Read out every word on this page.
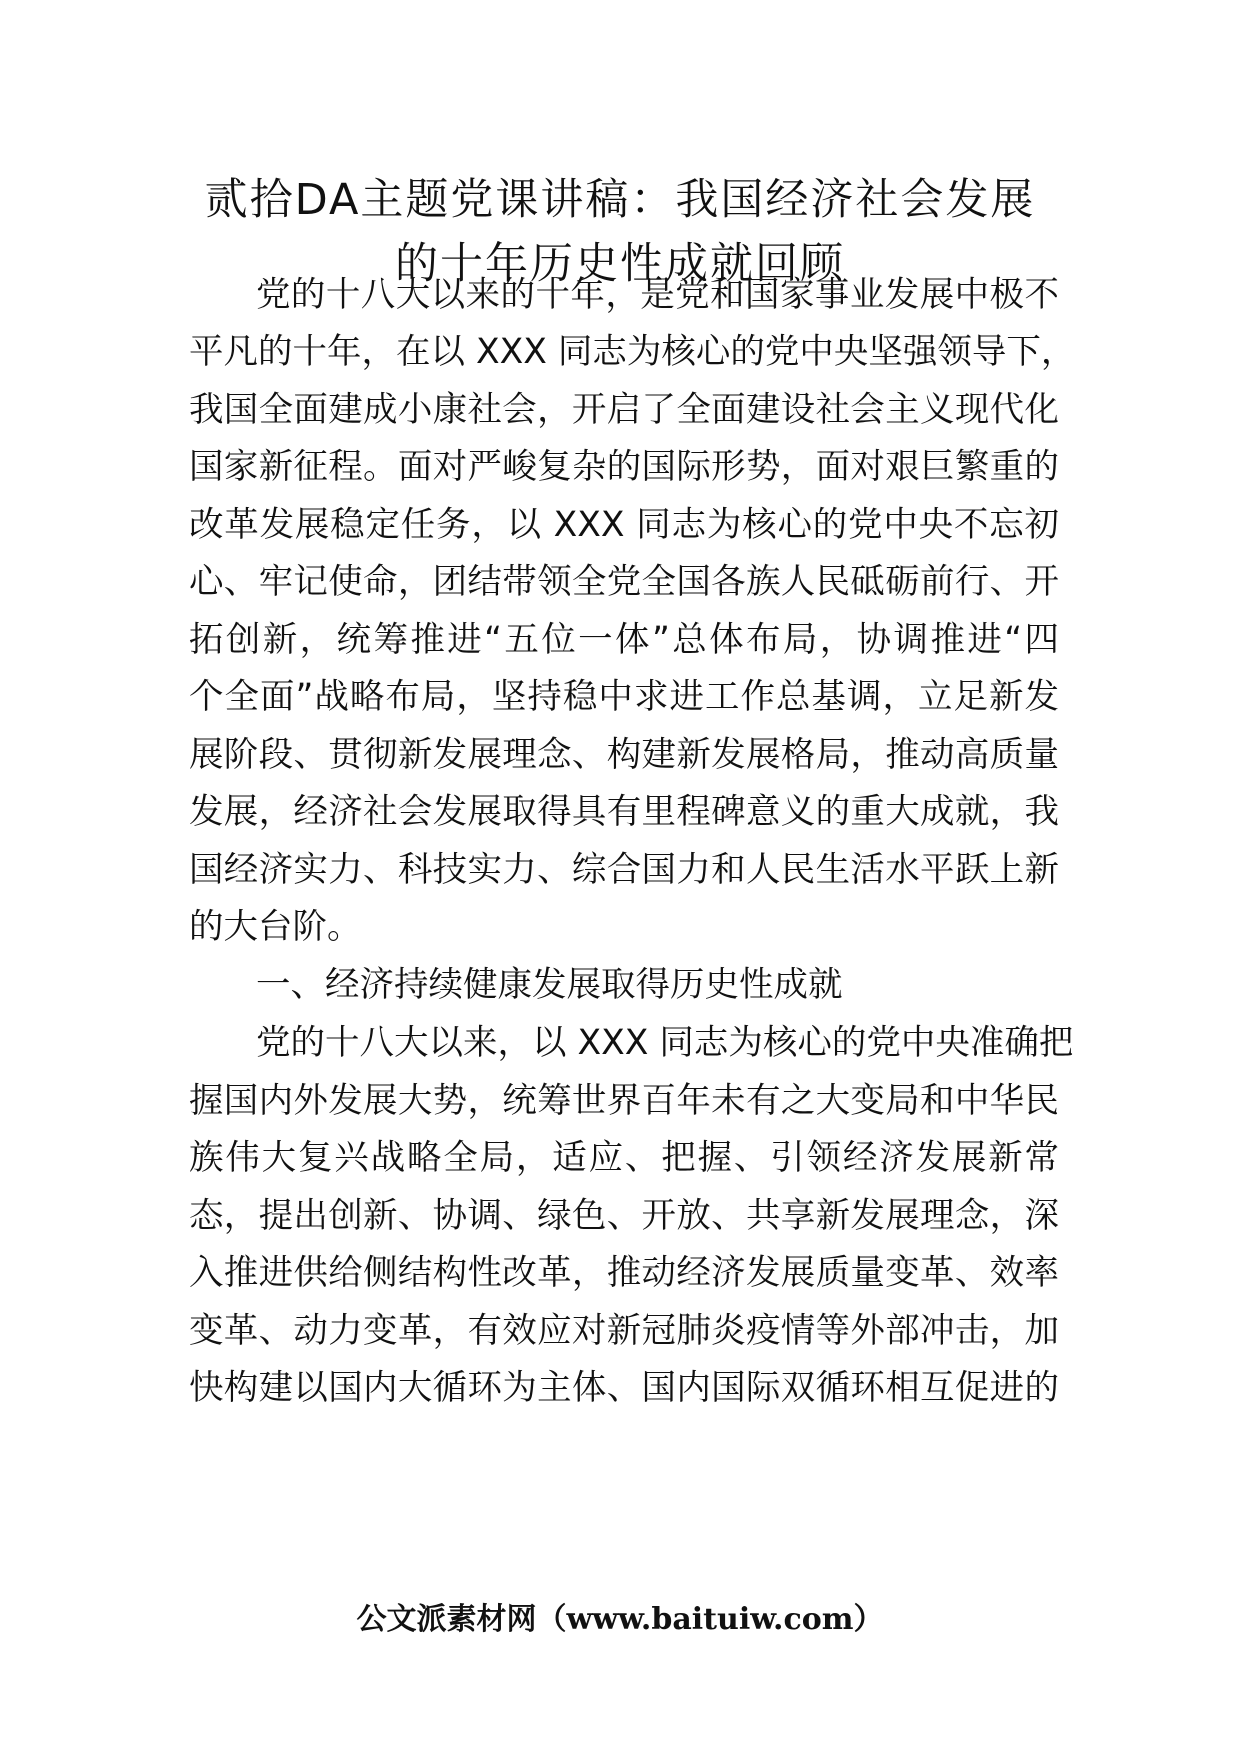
贰拾DA主题党课讲稿：我国经济社会发展
的十年历史性成就回顾
党的十八大以来的十年，是党和国家事业发展中极不
平凡的十年，在以 XXX 同志为核心的党中央坚强领导下，
我国全面建成小康社会，开启了全面建设社会主义现代化
国家新征程。面对严峻复杂的国际形势，面对艰巨繁重的
改革发展稳定任务，以 XXX 同志为核心的党中央不忘初
心、牢记使命，团结带领全党全国各族人民砥砺前行、开
拓创新，统筹推进“五位一体”总体布局，协调推进“四
个全面”战略布局，坚持稳中求进工作总基调，立足新发
展阶段、贯彻新发展理念、构建新发展格局，推动高质量
发展，经济社会发展取得具有里程碑意义的重大成就，我
国经济实力、科技实力、综合国力和人民生活水平跃上新
的大台阶。
一、经济持续健康发展取得历史性成就
党的十八大以来，以 XXX 同志为核心的党中央准确把
握国内外发展大势，统筹世界百年未有之大变局和中华民
族伟大复兴战略全局，适应、把握、引领经济发展新常
态，提出创新、协调、绿色、开放、共享新发展理念，深
入推进供给侧结构性改革，推动经济发展质量变革、效率
变革、动力变革，有效应对新冠肺炎疫情等外部冲击，加
快构建以国内大循环为主体、国内国际双循环相互促进的
公文派素材网（www.baituiw.com）
